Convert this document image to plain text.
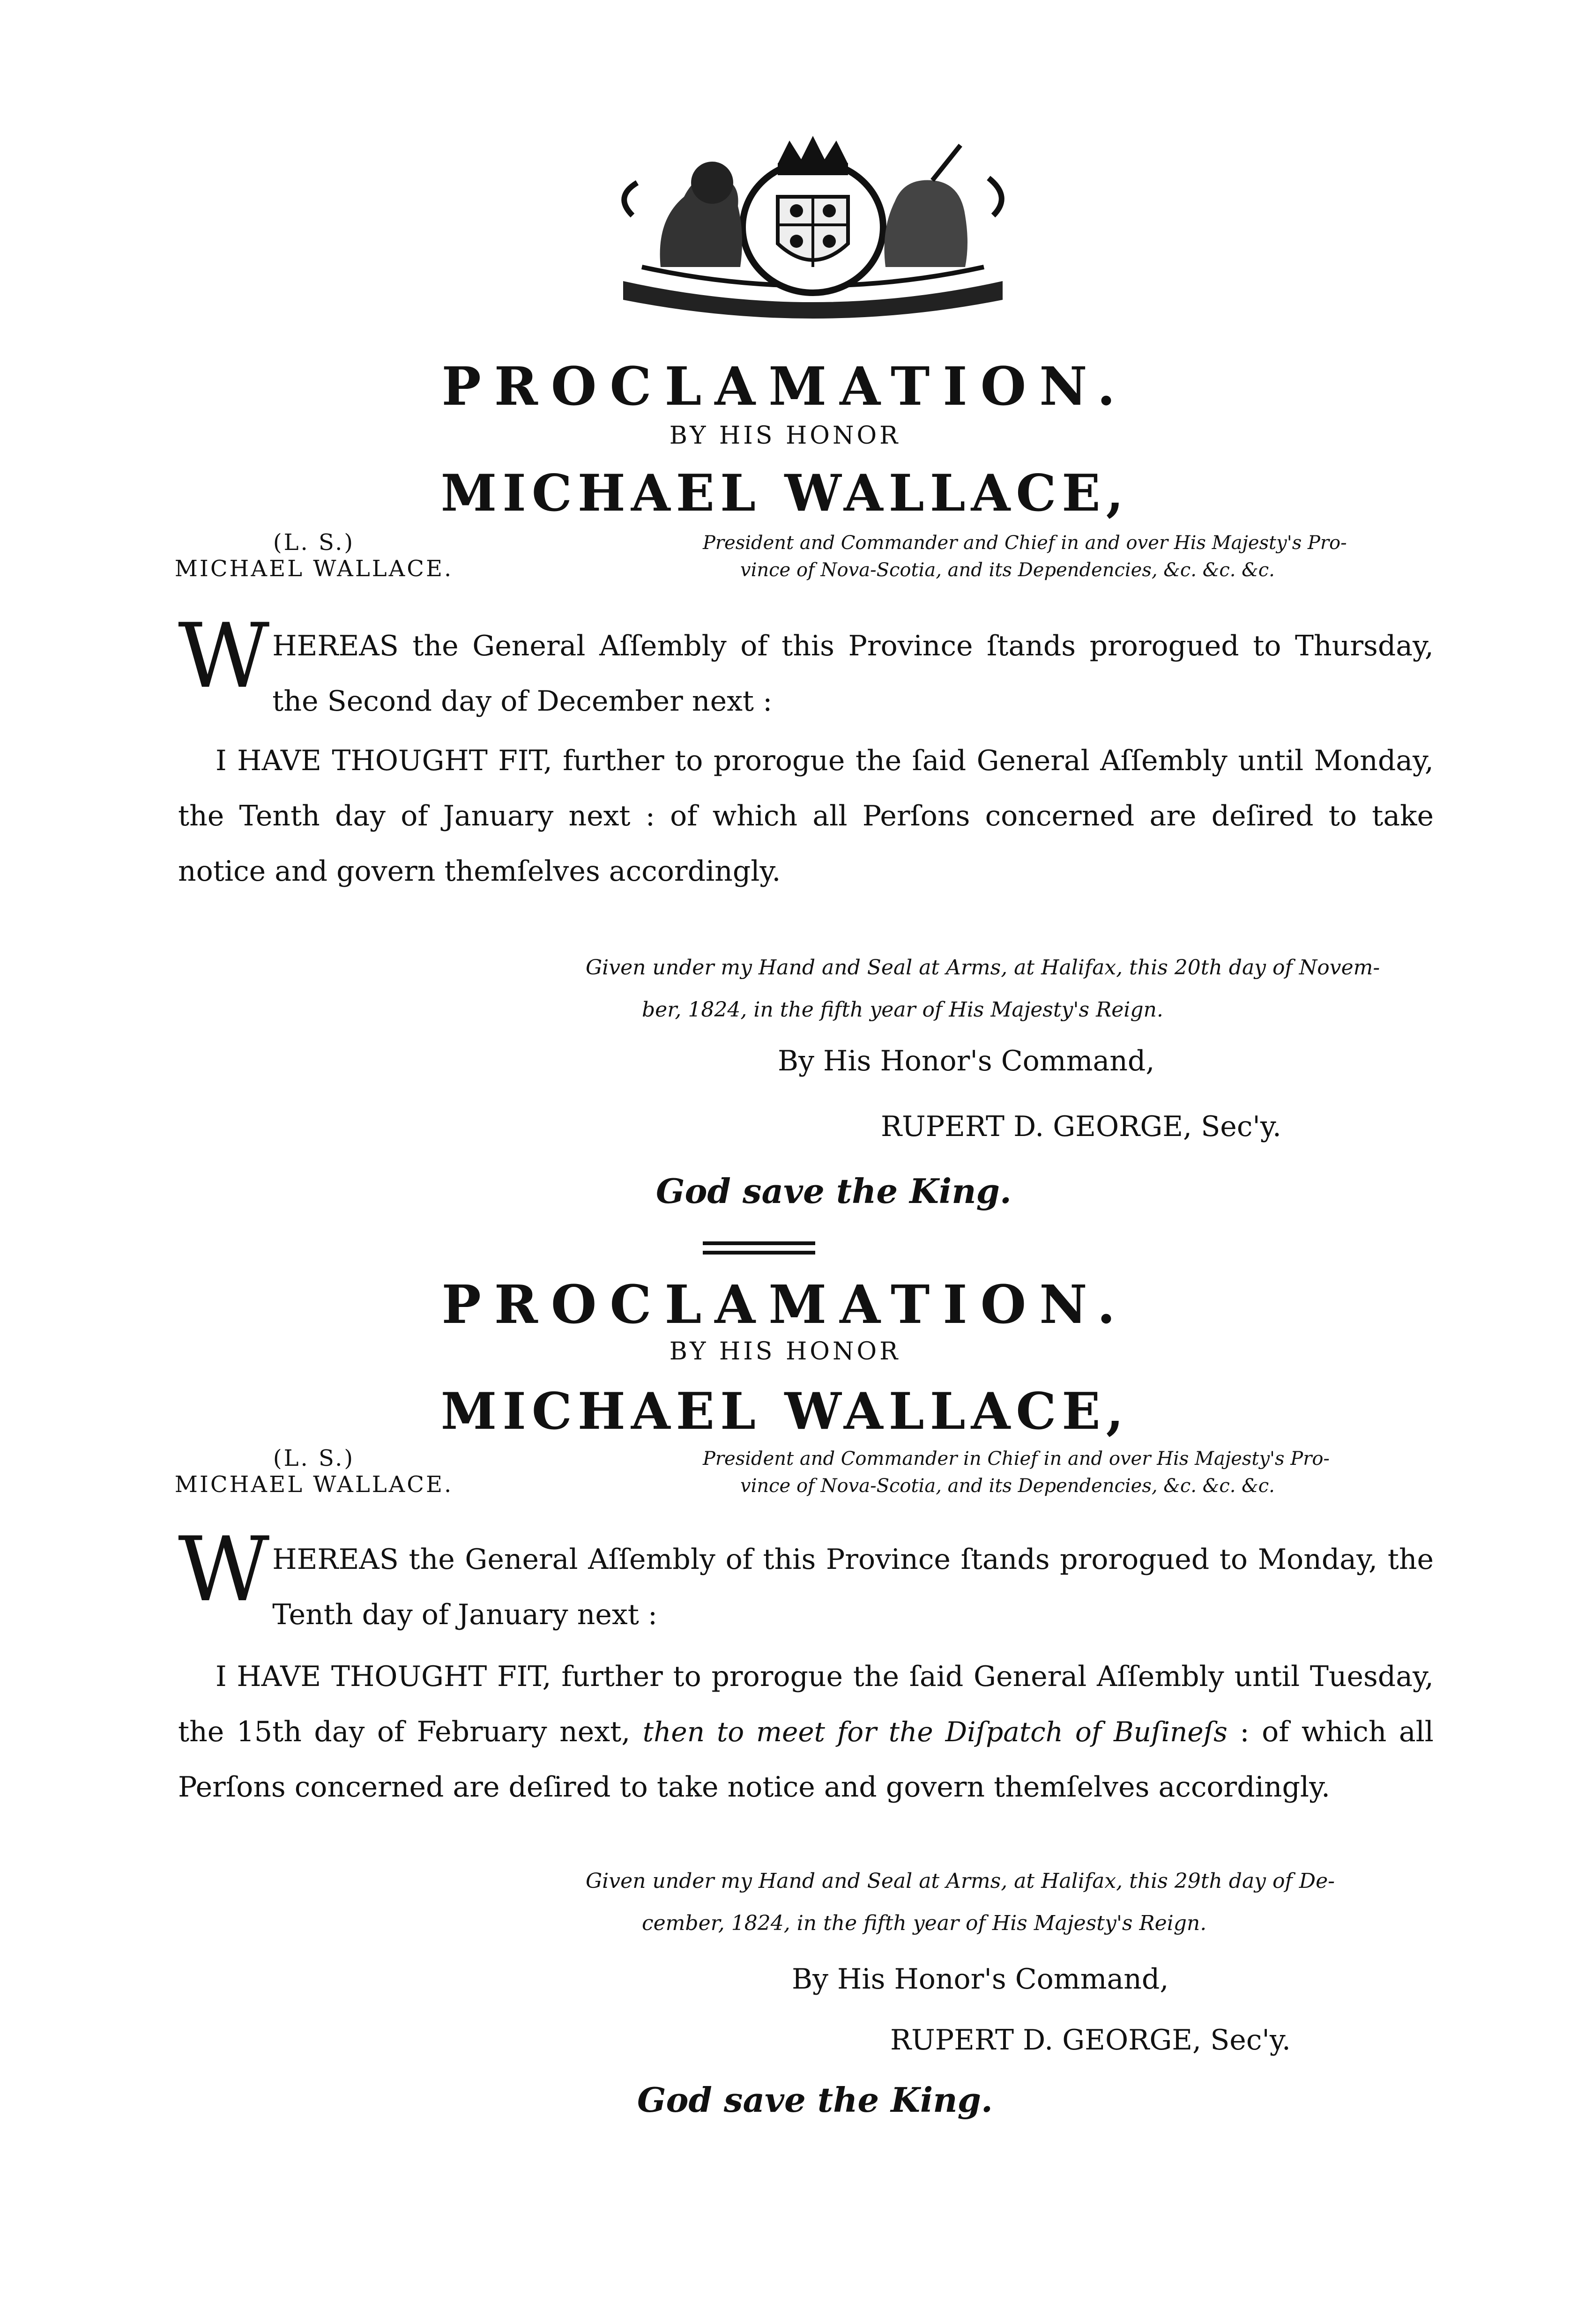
PROCLAMATION.
BY HIS HONOR
MICHAEL WALLACE,
(L. S.)
MICHAEL WALLACE.
President and Commander and Chief in and over His Majesty's Pro-
vince of Nova-Scotia, and its Dependencies, &c. &c. &c.
WHEREAS the General Aſſembly of this Province ſtands prorogued to Thursday, the Second day of December next :
I HAVE THOUGHT FIT, further to prorogue the ſaid General Aſſembly until Monday, the Tenth day of January next : of which all Perſons concerned are deſired to take notice and govern themſelves accordingly.
Given under my Hand and Seal at Arms, at Halifax, this 20th day of Novem-
ber, 1824, in the fifth year of His Majesty's Reign.
By His Honor's Command,
RUPERT D. GEORGE, Sec'y.
God save the King.
PROCLAMATION.
BY HIS HONOR
MICHAEL WALLACE,
(L. S.)
MICHAEL WALLACE.
President and Commander in Chief in and over His Majesty's Pro-
vince of Nova-Scotia, and its Dependencies, &c. &c. &c.
WHEREAS the General Aſſembly of this Province ſtands prorogued to Monday, the Tenth day of January next :
I HAVE THOUGHT FIT, further to prorogue the ſaid General Aſſembly until Tuesday, the 15th day of February next, then to meet for the Diſpatch of Buſineſs : of which all Perſons concerned are deſired to take notice and govern themſelves accordingly.
Given under my Hand and Seal at Arms, at Halifax, this 29th day of De-
cember, 1824, in the fifth year of His Majesty's Reign.
By His Honor's Command,
RUPERT D. GEORGE, Sec'y.
God save the King.
